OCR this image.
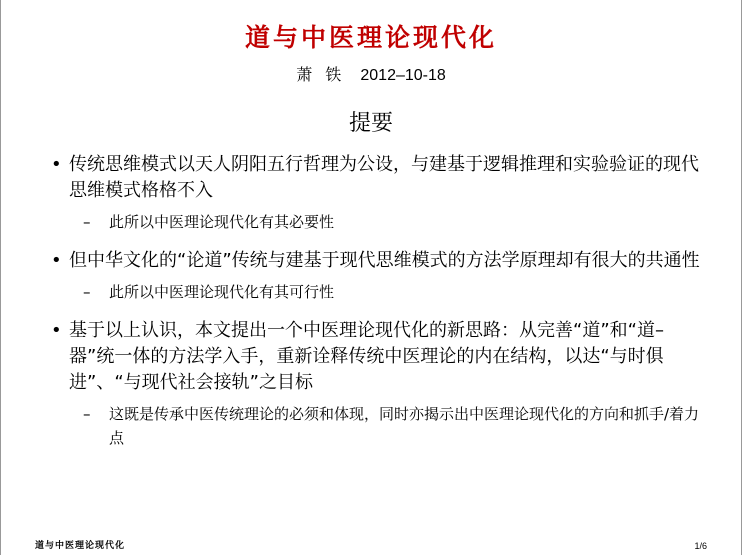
道与中医理论现代化
萧 铁 2012–10-18
提要
• 传统思维模式以天人阴阳五行哲理为公设，与建基于逻辑推理和实验验证的现代思维模式格格不入
– 此所以中医理论现代化有其必要性
• 但中华文化的“论道”传统与建基于现代思维模式的方法学原理却有很大的共通性
– 此所以中医理论现代化有其可行性
• 基于以上认识，本文提出一个中医理论现代化的新思路：从完善“道”和“道–器”统一体的方法学入手，重新诠释传统中医理论的内在结构，以达“与时俱进”、“与现代社会接轨”之目标
– 这既是传承中医传统理论的必须和体现，同时亦揭示出中医理论现代化的方向和抓手/着力点
道与中医理论现代化	1/6
